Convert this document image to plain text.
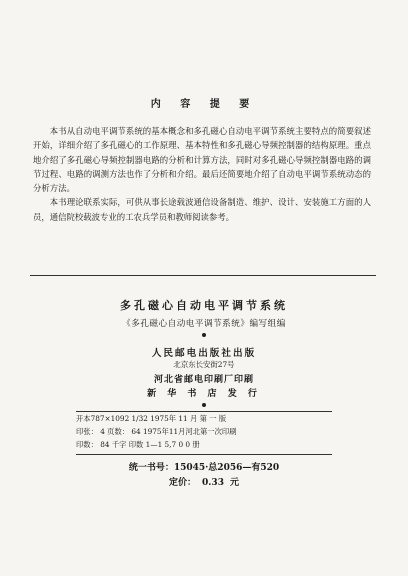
内 容 提 要

本书从自动电平调节系统的基本概念和多孔磁心自动电平调节系统主要特点的简要叙述开始，详细介绍了多孔磁心的工作原理、基本特性和多孔磁心导频控制器的结构原理。重点地介绍了多孔磁心导频控制器电路的分析和计算方法，同时对多孔磁心导频控制器电路的调节过程、电路的调测方法也作了分析和介绍。最后还简要地介绍了自动电平调节系统动态的分析方法。

本书理论联系实际，可供从事长途载波通信设备制造、维护、设计、安装施工方面的人员，通信院校载波专业的工农兵学员和教师阅读参考。

多孔磁心自动电平调节系统
《多孔磁心自动电平调节系统》编写组编
人民邮电出版社出版
北京东长安街27号
河北省邮电印刷厂印刷
新 华 书 店 发 行
开本787×1092 1/32 1975年 11 月 第 一 版
印张： 4 页数： 64 1975年11月河北第一次印刷
印数： 84 千字 印数 1—1 5,7 0 0 册
统一书号：15045·总2056—有520
定价： 0.33 元
